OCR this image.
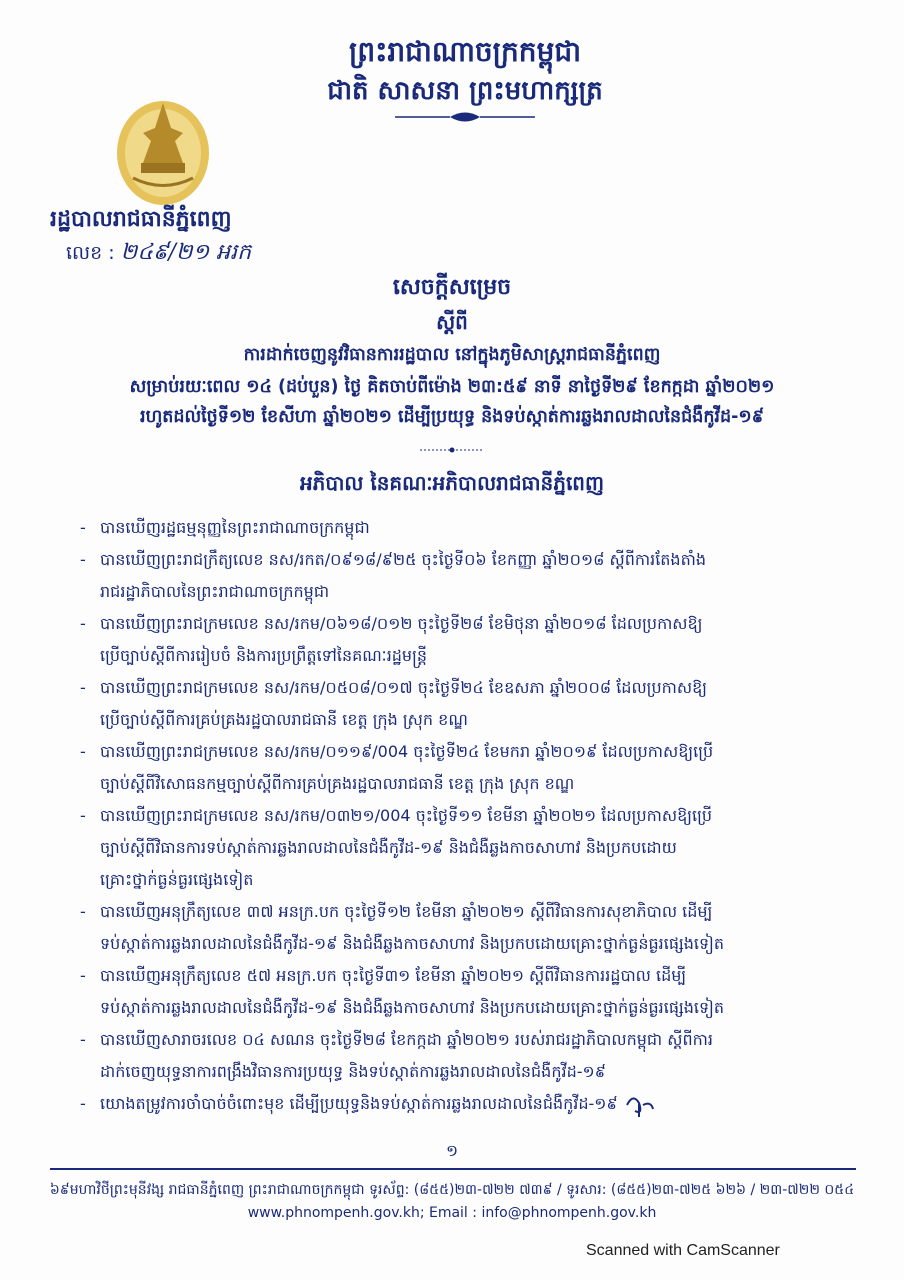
ព្រះរាជាណាចក្រកម្ពុជា
ជាតិ សាសនា ព្រះមហាក្សត្រ
រដ្ឋបាលរាជធានីភ្នំពេញ
លេខ : ២៤៩/២១ អរក
សេចក្ដីសម្រេច
ស្ដីពី
ការដាក់ចេញនូវវិធានការរដ្ឋបាល នៅក្នុងភូមិសាស្ត្ររាជធានីភ្នំពេញ
សម្រាប់រយៈពេល ១៤ (ដប់បួន) ថ្ងៃ គិតចាប់ពីម៉ោង ២៣:៥៩ នាទី នាថ្ងៃទី២៩ ខែកក្កដា ឆ្នាំ២០២១
រហូតដល់ថ្ងៃទី១២ ខែសីហា ឆ្នាំ២០២១ ដើម្បីប្រយុទ្ធ និងទប់ស្កាត់ការឆ្លងរាលដាលនៃជំងឺកូវីដ-១៩
អភិបាល នៃគណៈអភិបាលរាជធានីភ្នំពេញ
- បានឃើញរដ្ឋធម្មនុញ្ញនៃព្រះរាជាណាចក្រកម្ពុជា
- បានឃើញព្រះរាជក្រឹត្យលេខ នស/រកត/០៩១៨/៩២៥ ចុះថ្ងៃទី០៦ ខែកញ្ញា ឆ្នាំ២០១៨ ស្ដីពីការតែងតាំង
រាជរដ្ឋាភិបាលនៃព្រះរាជាណាចក្រកម្ពុជា
- បានឃើញព្រះរាជក្រមលេខ នស/រកម/០៦១៨/០១២ ចុះថ្ងៃទី២៨ ខែមិថុនា ឆ្នាំ២០១៨ ដែលប្រកាសឱ្យ
ប្រើច្បាប់ស្ដីពីការរៀបចំ និងការប្រព្រឹត្តទៅនៃគណៈរដ្ឋមន្ត្រី
- បានឃើញព្រះរាជក្រមលេខ នស/រកម/០៥០៨/០១៧ ចុះថ្ងៃទី២៤ ខែឧសភា ឆ្នាំ២០០៨ ដែលប្រកាសឱ្យ
ប្រើច្បាប់ស្ដីពីការគ្រប់គ្រងរដ្ឋបាលរាជធានី ខេត្ត ក្រុង ស្រុក ខណ្ឌ
- បានឃើញព្រះរាជក្រមលេខ នស/រកម/០១១៩/004 ចុះថ្ងៃទី២៤ ខែមករា ឆ្នាំ២០១៩ ដែលប្រកាសឱ្យប្រើ
ច្បាប់ស្ដីពីវិសោធនកម្មច្បាប់ស្ដីពីការគ្រប់គ្រងរដ្ឋបាលរាជធានី ខេត្ត ក្រុង ស្រុក ខណ្ឌ
- បានឃើញព្រះរាជក្រមលេខ នស/រកម/០៣២១/004 ចុះថ្ងៃទី១១ ខែមីនា ឆ្នាំ២០២១ ដែលប្រកាសឱ្យប្រើ
ច្បាប់ស្ដីពីវិធានការទប់ស្កាត់ការឆ្លងរាលដាលនៃជំងឺកូវីដ-១៩ និងជំងឺឆ្លងកាចសាហាវ និងប្រកបដោយ
គ្រោះថ្នាក់ធ្ងន់ធ្ងរផ្សេងទៀត
- បានឃើញអនុក្រឹត្យលេខ ៣៧ អនក្រ.បក ចុះថ្ងៃទី១២ ខែមីនា ឆ្នាំ២០២១ ស្ដីពីវិធានការសុខាភិបាល ដើម្បី
ទប់ស្កាត់ការឆ្លងរាលដាលនៃជំងឺកូវីដ-១៩ និងជំងឺឆ្លងកាចសាហាវ និងប្រកបដោយគ្រោះថ្នាក់ធ្ងន់ធ្ងរផ្សេងទៀត
- បានឃើញអនុក្រឹត្យលេខ ៥៧ អនក្រ.បក ចុះថ្ងៃទី៣១ ខែមីនា ឆ្នាំ២០២១ ស្ដីពីវិធានការរដ្ឋបាល ដើម្បី
ទប់ស្កាត់ការឆ្លងរាលដាលនៃជំងឺកូវីដ-១៩ និងជំងឺឆ្លងកាចសាហាវ និងប្រកបដោយគ្រោះថ្នាក់ធ្ងន់ធ្ងរផ្សេងទៀត
- បានឃើញសារាចរលេខ ០៤ សណន ចុះថ្ងៃទី២៨ ខែកក្កដា ឆ្នាំ២០២១ របស់រាជរដ្ឋាភិបាលកម្ពុជា ស្ដីពីការ
ដាក់ចេញយុទ្ធនាការពង្រឹងវិធានការប្រយុទ្ធ និងទប់ស្កាត់ការឆ្លងរាលដាលនៃជំងឺកូវីដ-១៩
- យោងតម្រូវការចាំបាច់ចំពោះមុខ ដើម្បីប្រយុទ្ធនិងទប់ស្កាត់ការឆ្លងរាលដាលនៃជំងឺកូវីដ-១៩
១
៦៩មហាវិថីព្រះមុនីវង្ស រាជធានីភ្នំពេញ ព្រះរាជាណាចក្រកម្ពុជា ទូរស័ព្ទ: (៨៥៥)២៣-៧២២ ៧៣៩ / ទូរសារ: (៨៥៥)២៣-៧២៥ ៦២៦ / ២៣-៧២២ ០៥៤
www.phnompenh.gov.kh; Email : info@phnompenh.gov.kh
Scanned with CamScanner
